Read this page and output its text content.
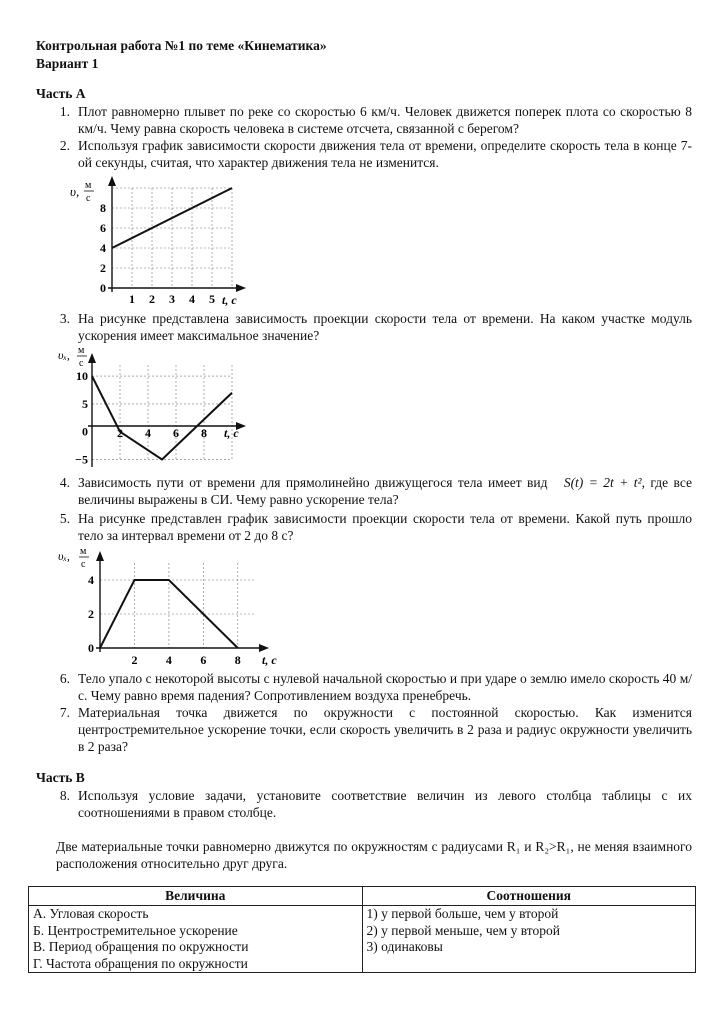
Контрольная работа №1 по теме «Кинематика»
Вариант 1
Часть А
1. Плот равномерно плывет по реке со скоростью 6 км/ч. Человек движется поперек плота со скоростью 8 км/ч. Чему равна скорость человека в системе отсчета, связанной с берегом?
2. Используя график зависимости скорости движения тела от времени, определите скорость тела в конце 7-ой секунды, считая, что характер движения тела не изменится.
1 2 3 4 5
0
2
4
6
8
υ, м
с
t, с
3. На рисунке представлена зависимость проекции скорости тела от времени. На каком участке модуль ускорения имеет максимальное значение?
2 4 6 8
10
5
0
−5
υₓ, м
с
t, с
4. Зависимость пути от времени для прямолинейно движущегося тела имеет вид S(t) = 2t + t², где все величины выражены в СИ. Чему равно ускорение тела?
5. На рисунке представлен график зависимости проекции скорости тела от времени. Какой путь прошло тело за интервал времени от 2 до 8 с?
2 4 6 8
0
2
4
υₓ, м
с
t, с
6. Тело упало с некоторой высоты с нулевой начальной скоростью и при ударе о землю имело скорость 40 м/с. Чему равно время падения? Сопротивлением воздуха пренебречь.
7. Материальная точка движется по окружности с постоянной скоростью. Как изменится центростремительное ускорение точки, если скорость увеличить в 2 раза и радиус окружности увеличить в 2 раза?
Часть В
8. Используя условие задачи, установите соответствие величин из левого столбца таблицы с их соотношениями в правом столбце.
Две материальные точки равномерно движутся по окружностям с радиусами R₁ и R₂>R₁, не меняя взаимного расположения относительно друг друга.
Величина	Соотношения
А. Угловая скорость	1) у первой больше, чем у второй
Б. Центростремительное ускорение	2) у первой меньше, чем у второй
В. Период обращения по окружности	3) одинаковы
Г. Частота обращения по окружности	
